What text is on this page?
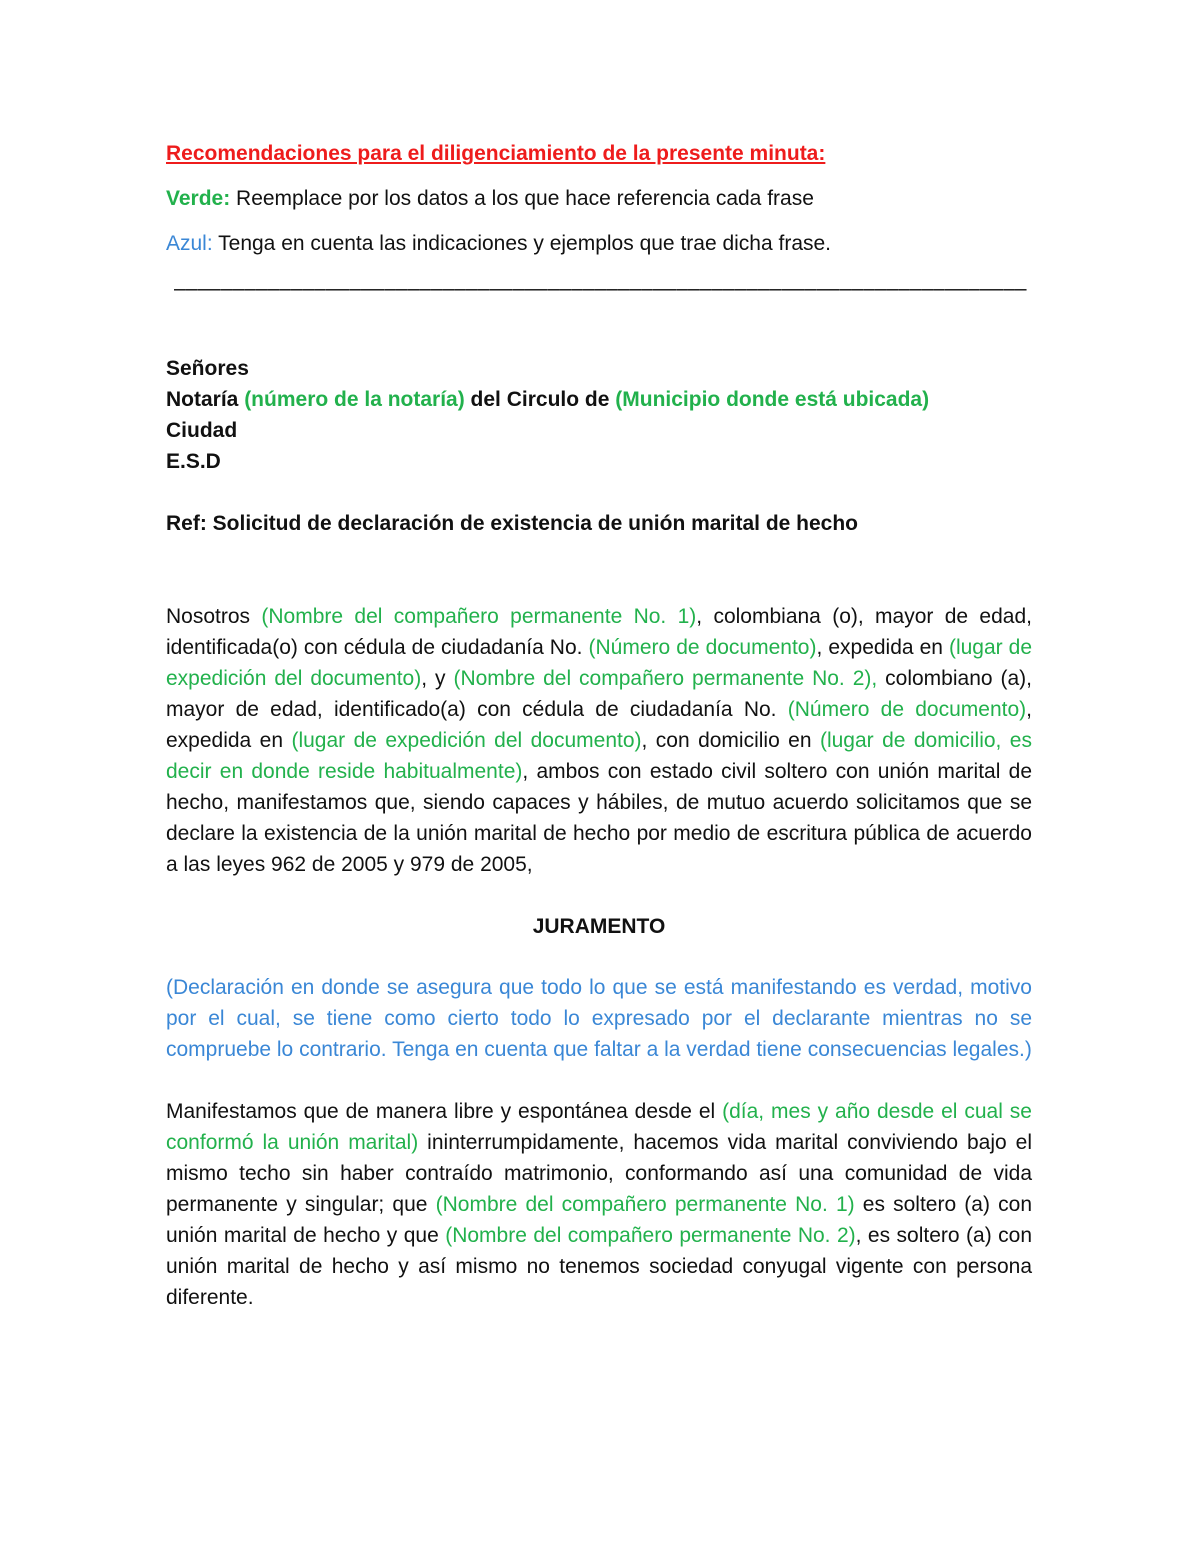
Recomendaciones para el diligenciamiento de la presente minuta:

Verde: Reemplace por los datos a los que hace referencia cada frase

Azul: Tenga en cuenta las indicaciones y ejemplos que trae dicha frase.

–––––––––––––––––––––––––––––––––––––––––––––––––––––––––––––––––––––––––

Señores

Notaría (número de la notaría) del Circulo de (Municipio donde está ubicada)

Ciudad

E.S.D

Ref: Solicitud de declaración de existencia de unión marital de hecho

Nosotros (Nombre del compañero permanente No. 1), colombiana (o), mayor de edad, identificada(o) con cédula de ciudadanía No. (Número de documento), expedida en (lugar de expedición del documento), y (Nombre del compañero permanente No. 2), colombiano (a), mayor de edad, identificado(a) con cédula de ciudadanía No. (Número de documento), expedida en (lugar de expedición del documento), con domicilio en (lugar de domicilio, es decir en donde reside habitualmente), ambos con estado civil soltero con unión marital de hecho, manifestamos que, siendo capaces y hábiles, de mutuo acuerdo solicitamos que se declare la existencia de la unión marital de hecho por medio de escritura pública de acuerdo a las leyes 962 de 2005 y 979 de 2005,

JURAMENTO

(Declaración en donde se asegura que todo lo que se está manifestando es verdad, motivo por el cual, se tiene como cierto todo lo expresado por el declarante mientras no se compruebe lo contrario. Tenga en cuenta que faltar a la verdad tiene consecuencias legales.)

Manifestamos que de manera libre y espontánea desde el (día, mes y año desde el cual se conformó la unión marital) ininterrumpidamente, hacemos vida marital conviviendo bajo el mismo techo sin haber contraído matrimonio, conformando así una comunidad de vida permanente y singular; que (Nombre del compañero permanente No. 1) es soltero (a) con unión marital de hecho y que (Nombre del compañero permanente No. 2), es soltero (a) con unión marital de hecho y así mismo no tenemos sociedad conyugal vigente con persona diferente.
